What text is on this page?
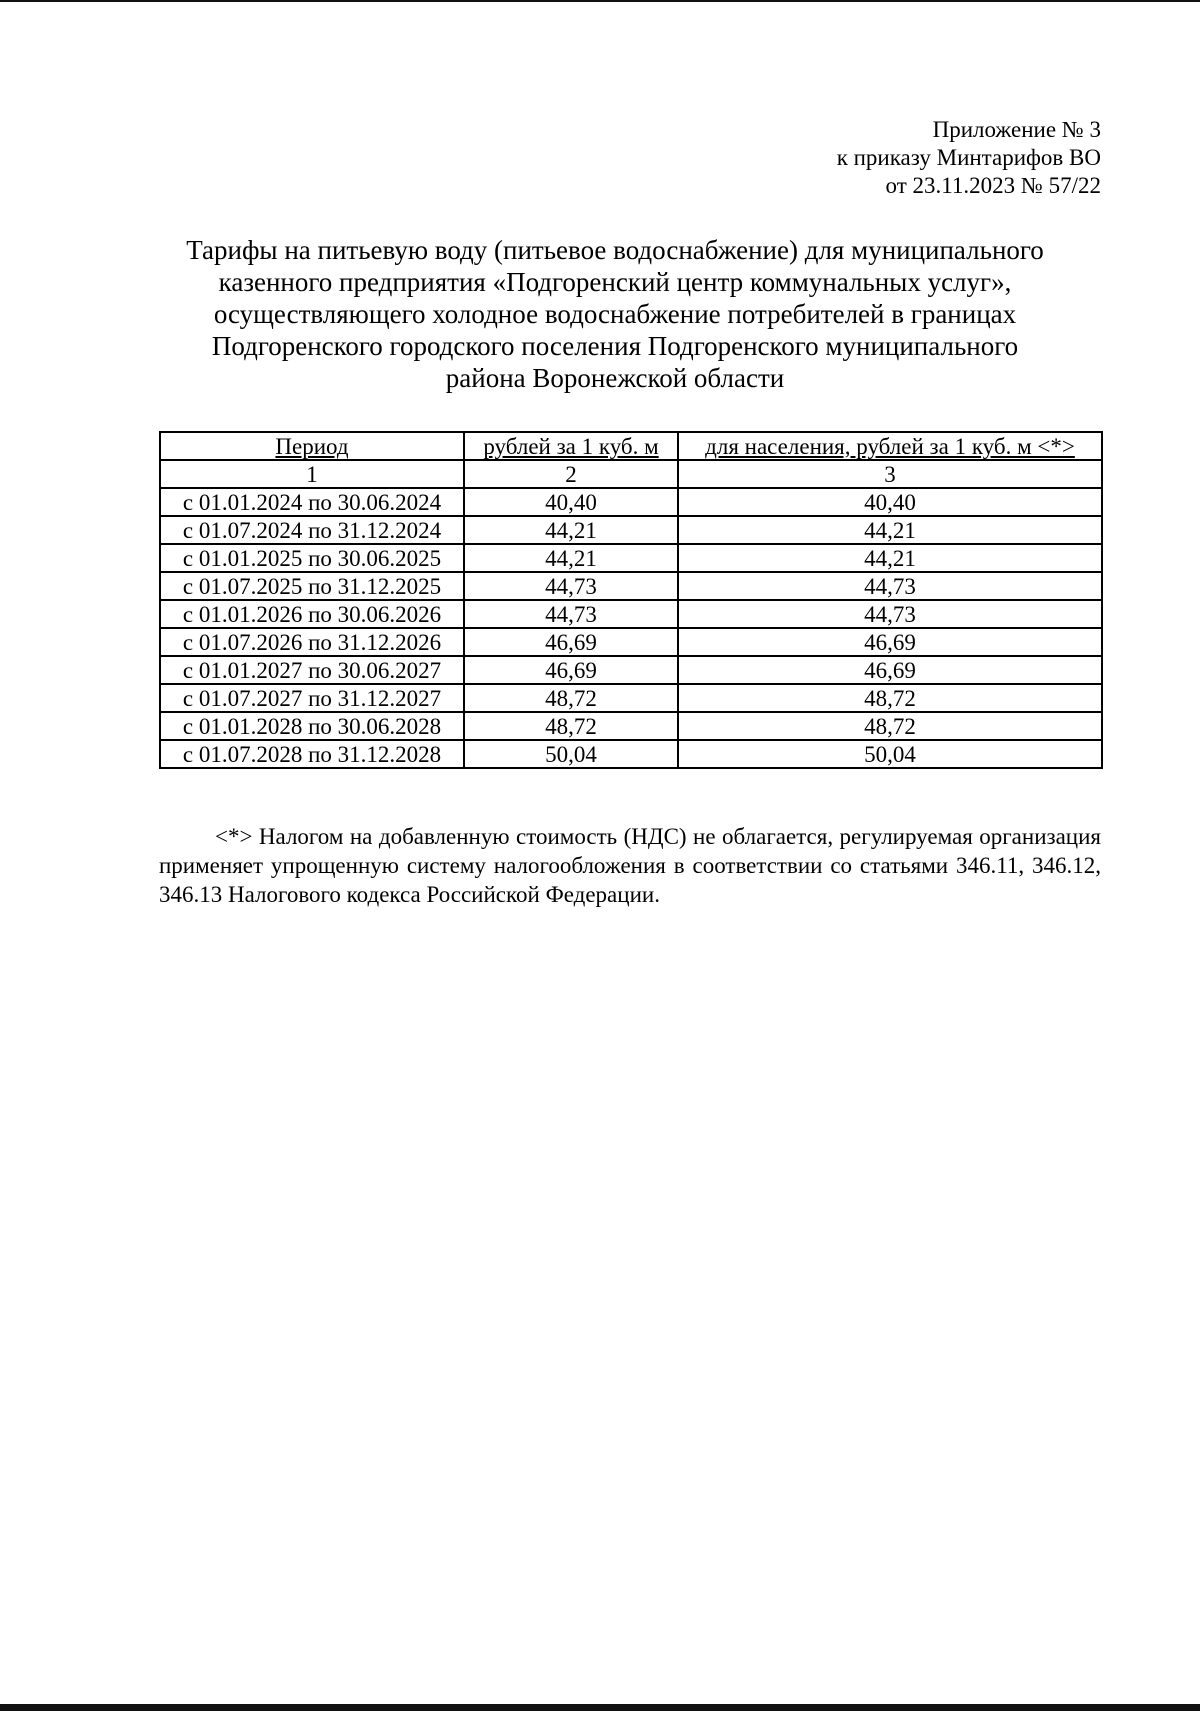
Приложение № 3
к приказу Минтарифов ВО
от 23.11.2023 № 57/22
Тарифы на питьевую воду (питьевое водоснабжение) для муниципального
казенного предприятия «Подгоренский центр коммунальных услуг»,
осуществляющего холодное водоснабжение потребителей в границах
Подгоренского городского поселения Подгоренского муниципального
района Воронежской области
Период	рублей за 1 куб. м	для населения, рублей за 1 куб. м <*>
1	2	3
с 01.01.2024 по 30.06.2024	40,40	40,40
с 01.07.2024 по 31.12.2024	44,21	44,21
с 01.01.2025 по 30.06.2025	44,21	44,21
с 01.07.2025 по 31.12.2025	44,73	44,73
с 01.01.2026 по 30.06.2026	44,73	44,73
с 01.07.2026 по 31.12.2026	46,69	46,69
с 01.01.2027 по 30.06.2027	46,69	46,69
с 01.07.2027 по 31.12.2027	48,72	48,72
с 01.01.2028 по 30.06.2028	48,72	48,72
с 01.07.2028 по 31.12.2028	50,04	50,04

<*> Налогом на добавленную стоимость (НДС) не облагается, регулируемая организация применяет упрощенную систему налогообложения в соответствии со статьями 346.11, 346.12, 346.13 Налогового кодекса Российской Федерации.
